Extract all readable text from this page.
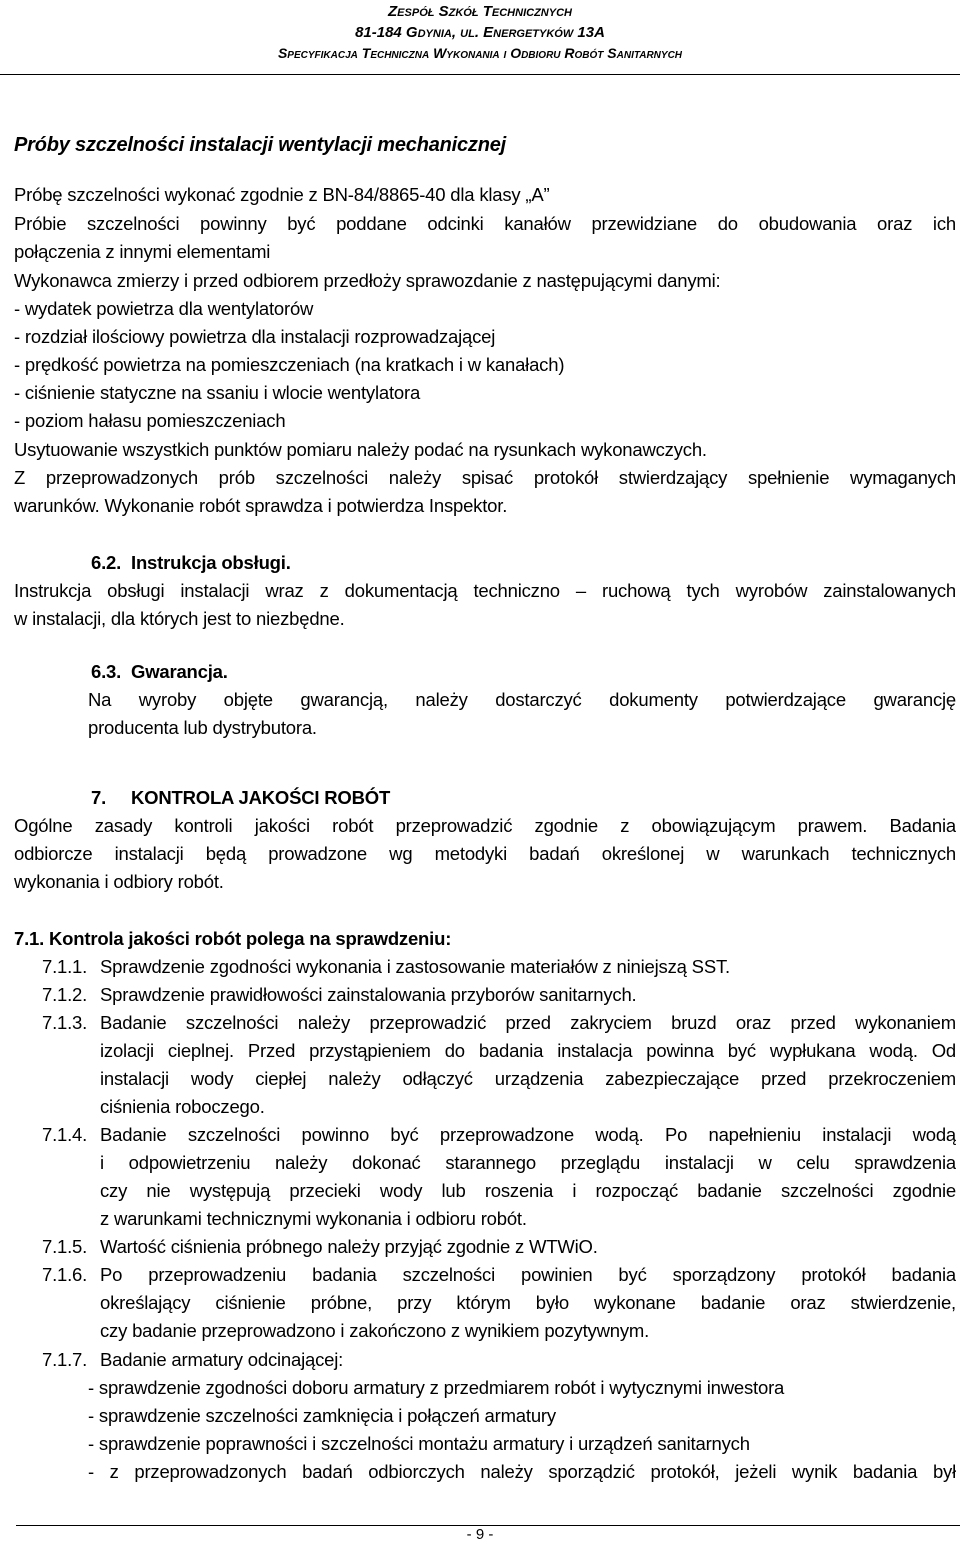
Zespół Szkół Technicznych
81-184 Gdynia, ul. Energetyków 13A
Specyfikacja Techniczna Wykonania i Odbioru Robót Sanitarnych
Próby szczelności instalacji wentylacji mechanicznej
Próbę szczelności wykonać zgodnie z BN-84/8865-40 dla klasy „A”
Próbie szczelności powinny być poddane odcinki kanałów przewidziane do obudowania oraz ich
połączenia z innymi elementami
Wykonawca zmierzy i przed odbiorem przedłoży sprawozdanie z następującymi danymi:
- wydatek powietrza dla wentylatorów
- rozdział ilościowy powietrza dla instalacji rozprowadzającej
- prędkość powietrza na pomieszczeniach (na kratkach i w kanałach)
- ciśnienie statyczne na ssaniu i wlocie wentylatora
- poziom hałasu pomieszczeniach
Usytuowanie wszystkich punktów pomiaru należy podać na rysunkach wykonawczych.
Z przeprowadzonych prób szczelności należy spisać protokół stwierdzający spełnienie wymaganych
warunków. Wykonanie robót sprawdza i potwierdza Inspektor.
6.2. Instrukcja obsługi.
Instrukcja obsługi instalacji wraz z dokumentacją techniczno – ruchową tych wyrobów zainstalowanych
w instalacji, dla których jest to niezbędne.
6.3. Gwarancja.
Na wyroby objęte gwarancją, należy dostarczyć dokumenty potwierdzające gwarancję
producenta lub dystrybutora.
7. KONTROLA JAKOŚCI ROBÓT
Ogólne zasady kontroli jakości robót przeprowadzić zgodnie z obowiązującym prawem. Badania
odbiorcze instalacji będą prowadzone wg metodyki badań określonej w warunkach technicznych
wykonania i odbiory robót.
7.1. Kontrola jakości robót polega na sprawdzeniu:
7.1.1. Sprawdzenie zgodności wykonania i zastosowanie materiałów z niniejszą SST.
7.1.2. Sprawdzenie prawidłowości zainstalowania przyborów sanitarnych.
7.1.3. Badanie szczelności należy przeprowadzić przed zakryciem bruzd oraz przed wykonaniem
izolacji cieplnej. Przed przystąpieniem do badania instalacja powinna być wypłukana wodą. Od
instalacji wody ciepłej należy odłączyć urządzenia zabezpieczające przed przekroczeniem
ciśnienia roboczego.
7.1.4. Badanie szczelności powinno być przeprowadzone wodą. Po napełnieniu instalacji wodą
i odpowietrzeniu należy dokonać starannego przeglądu instalacji w celu sprawdzenia
czy nie występują przecieki wody lub roszenia i rozpocząć badanie szczelności zgodnie
z warunkami technicznymi wykonania i odbioru robót.
7.1.5. Wartość ciśnienia próbnego należy przyjąć zgodnie z WTWiO.
7.1.6. Po przeprowadzeniu badania szczelności powinien być sporządzony protokół badania
określający ciśnienie próbne, przy którym było wykonane badanie oraz stwierdzenie,
czy badanie przeprowadzono i zakończono z wynikiem pozytywnym.
7.1.7. Badanie armatury odcinającej:
- sprawdzenie zgodności doboru armatury z przedmiarem robót i wytycznymi inwestora
- sprawdzenie szczelności zamknięcia i połączeń armatury
- sprawdzenie poprawności i szczelności montażu armatury i urządzeń sanitarnych
- z przeprowadzonych badań odbiorczych należy sporządzić protokół, jeżeli wynik badania był
- 9 -
